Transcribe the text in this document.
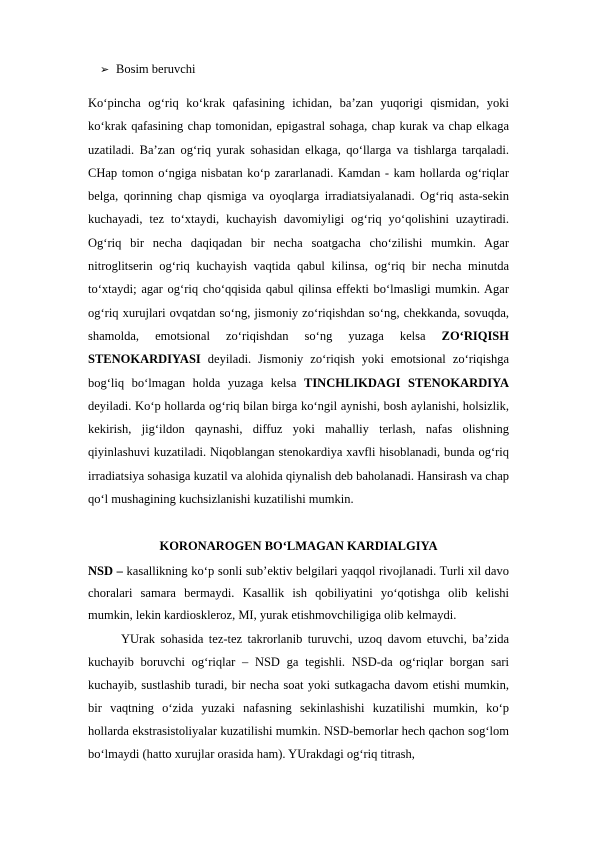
➢ Bosim beruvchi

Ko‘pincha og‘riq ko‘krak qafasining ichidan, ba’zan yuqorigi qismidan, yoki ko‘krak qafasining chap tomonidan, epigastral sohaga, chap kurak va chap elkaga uzatiladi. Ba’zan og‘riq yurak sohasidan elkaga, qo‘llarga va tishlarga tarqaladi. CHap tomon o‘ngiga nisbatan ko‘p zararlanadi. Kamdan - kam hollarda og‘riqlar belga, qorinning chap qismiga va oyoqlarga irradiatsiyalanadi. Og‘riq asta-sekin kuchayadi, tez to‘xtaydi, kuchayish davomiyligi og‘riq yo‘qolishini uzaytiradi. Og‘riq bir necha daqiqadan bir necha soatgacha cho‘zilishi mumkin. Agar nitroglitserin og‘riq kuchayish vaqtida qabul kilinsa, og‘riq bir necha minutda to‘xtaydi; agar og‘riq cho‘qqisida qabul qilinsa effekti bo‘lmasligi mumkin. Agar og‘riq xurujlari ovqatdan so‘ng, jismoniy zo‘riqishdan so‘ng, chekkanda, sovuqda, shamolda, emotsional zo‘riqishdan so‘ng yuzaga kelsa ZO‘RIQISH STENOKARDIYASI deyiladi. Jismoniy zo‘riqish yoki emotsional zo‘riqishga bog‘liq bo‘lmagan holda yuzaga kelsa TINCHLIKDAGI STENOKARDIYA deyiladi. Ko‘p hollarda og‘riq bilan birga ko‘ngil aynishi, bosh aylanishi, holsizlik, kekirish, jig‘ildon qaynashi, diffuz yoki mahalliy terlash, nafas olishning qiyinlashuvi kuzatiladi. Niqoblangan stenokardiya xavfli hisoblanadi, bunda og‘riq irradiatsiya sohasiga kuzatil va alohida qiynalish deb baholanadi. Hansirash va chap qo‘l mushagining kuchsizlanishi kuzatilishi mumkin.

KORONAROGEN BO‘LMAGAN KARDIALGIYA

NSD – kasallikning ko‘p sonli sub’ektiv belgilari yaqqol rivojlanadi. Turli xil davo choralari samara bermaydi. Kasallik ish qobiliyatini yo‘qotishga olib kelishi mumkin, lekin kardioskleroz, MI, yurak etishmovchiligiga olib kelmaydi.

YUrak sohasida tez-tez takrorlanib turuvchi, uzoq davom etuvchi, ba’zida kuchayib boruvchi og‘riqlar – NSD ga tegishli. NSD-da og‘riqlar borgan sari kuchayib, sustlashib turadi, bir necha soat yoki sutkagacha davom etishi mumkin, bir vaqtning o‘zida yuzaki nafasning sekinlashishi kuzatilishi mumkin, ko‘p hollarda ekstrasistoliyalar kuzatilishi mumkin. NSD-bemorlar hech qachon sog‘lom bo‘lmaydi (hatto xurujlar orasida ham). YUrakdagi og‘riq titrash,
